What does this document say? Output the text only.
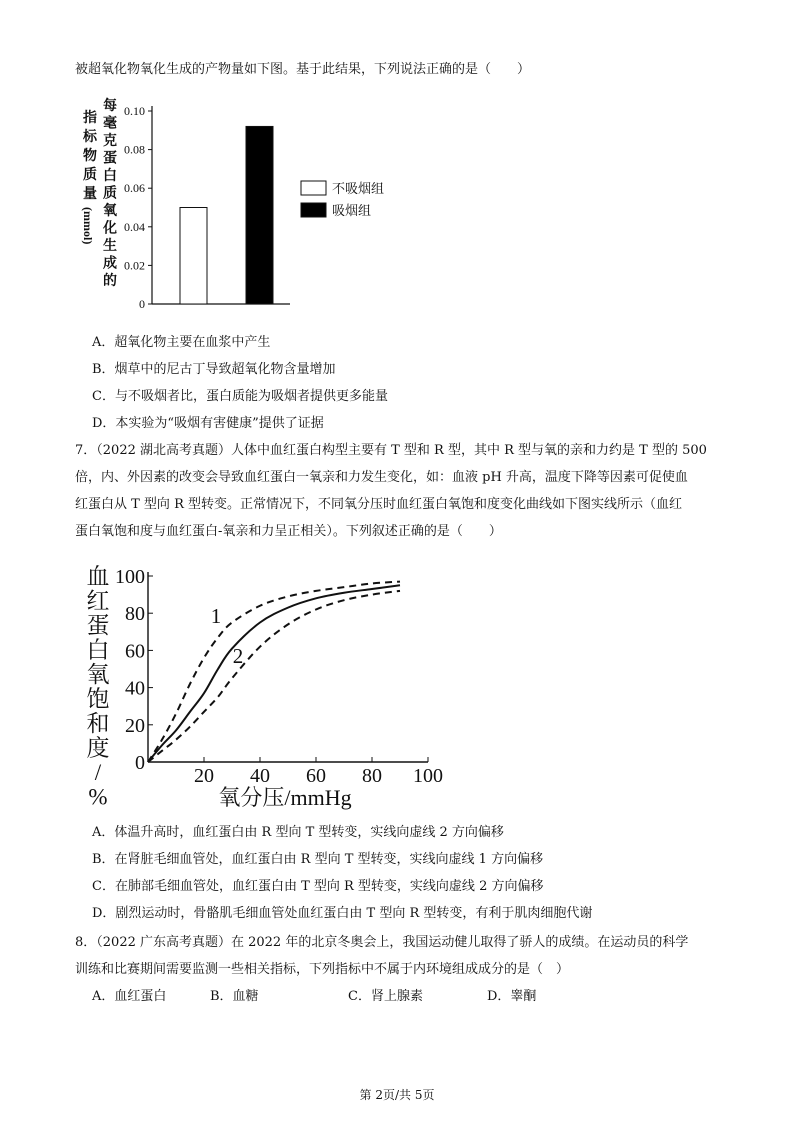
被超氧化物氧化生成的产物量如下图。基于此结果，下列说法正确的是（　　）
指
标
物
质
量
(mmol)
每
毫
克
蛋
白
质
氧
化
生
成
的
0
0.02
0.04
0.06
0.08
0.10
不吸烟组
吸烟组
A．超氧化物主要在血浆中产生
B．烟草中的尼古丁导致超氧化物含量增加
C．与不吸烟者比，蛋白质能为吸烟者提供更多能量
D．本实验为“吸烟有害健康”提供了证据
7．（2022 湖北高考真题）人体中血红蛋白构型主要有 T 型和 R 型，其中 R 型与氧的亲和力约是 T 型的 500
倍，内、外因素的改变会导致血红蛋白一氧亲和力发生变化，如：血液 pH 升高，温度下降等因素可促使血
红蛋白从 T 型向 R 型转变。正常情况下，不同氧分压时血红蛋白氧饱和度变化曲线如下图实线所示（血红
蛋白氧饱和度与血红蛋白-氧亲和力呈正相关）。下列叙述正确的是（　　）
血
红
蛋
白
氧
饱
和
度
/
%
0
20
40
60
80
100
20 40 60 80 100
1
2
氧分压/mmHg
A．体温升高时，血红蛋白由 R 型向 T 型转变，实线向虚线 2 方向偏移
B．在肾脏毛细血管处，血红蛋白由 R 型向 T 型转变，实线向虚线 1 方向偏移
C．在肺部毛细血管处，血红蛋白由 T 型向 R 型转变，实线向虚线 2 方向偏移
D．剧烈运动时，骨骼肌毛细血管处血红蛋白由 T 型向 R 型转变，有利于肌肉细胞代谢
8．（2022 广东高考真题）在 2022 年的北京冬奥会上，我国运动健儿取得了骄人的成绩。在运动员的科学
训练和比赛期间需要监测一些相关指标，下列指标中不属于内环境组成成分的是（　）
A．血红蛋白	B．血糖	C．肾上腺素	D．睾酮
第 2页/共 5页
